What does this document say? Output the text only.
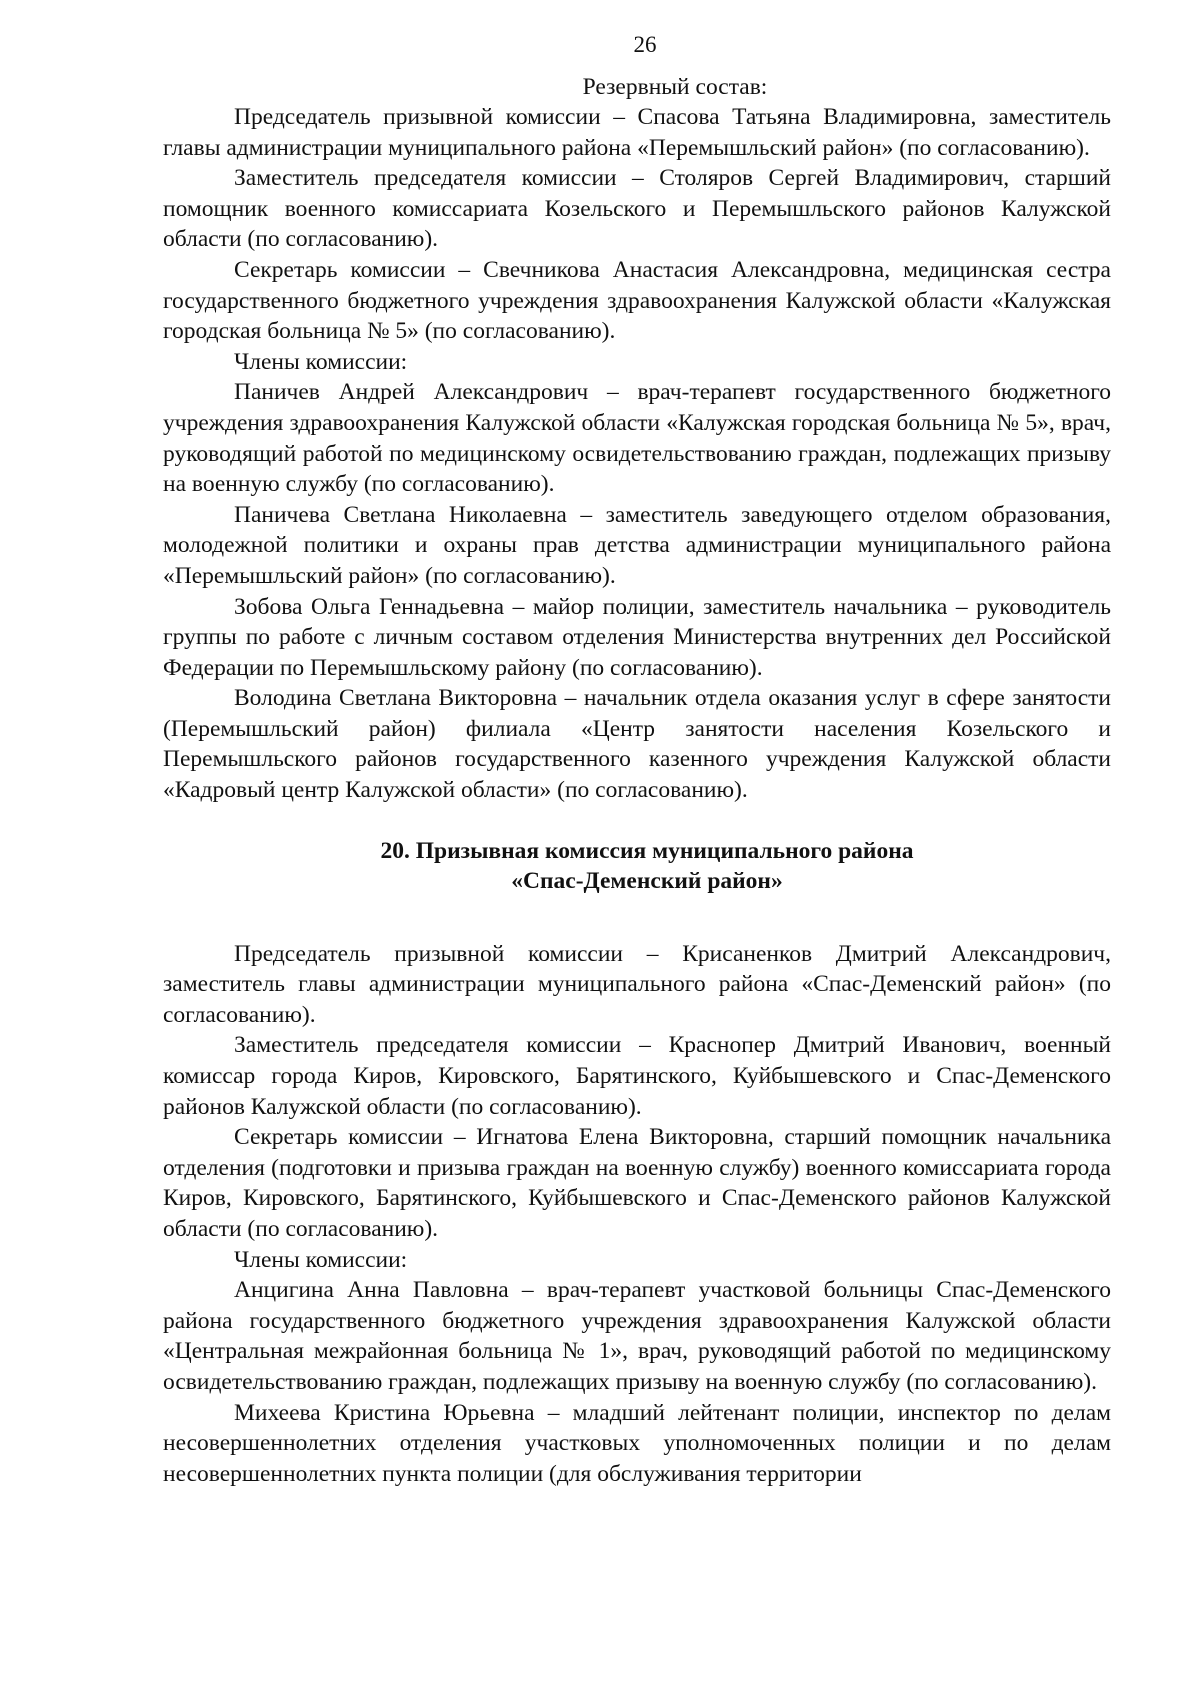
26
Резервный состав:

Председатель призывной комиссии – Спасова Татьяна Владимировна, заместитель главы администрации муниципального района «Перемышльский район» (по согласованию).

Заместитель председателя комиссии – Столяров Сергей Владимирович, старший помощник военного комиссариата Козельского и Перемышльского районов Калужской области (по согласованию).

Секретарь комиссии – Свечникова Анастасия Александровна, медицинская сестра государственного бюджетного учреждения здравоохранения Калужской области «Калужская городская больница № 5» (по согласованию).

Члены комиссии:

Паничев Андрей Александрович – врач-терапевт государственного бюджетного учреждения здравоохранения Калужской области «Калужская городская больница № 5», врач, руководящий работой по медицинскому освидетельствованию граждан, подлежащих призыву на военную службу (по согласованию).

Паничева Светлана Николаевна – заместитель заведующего отделом образования, молодежной политики и охраны прав детства администрации муниципального района «Перемышльский район» (по согласованию).

Зобова Ольга Геннадьевна – майор полиции, заместитель начальника – руководитель группы по работе с личным составом отделения Министерства внутренних дел Российской Федерации по Перемышльскому району (по согласованию).

Володина Светлана Викторовна – начальник отдела оказания услуг в сфере занятости (Перемышльский район) филиала «Центр занятости населения Козельского и Перемышльского районов государственного казенного учреждения Калужской области «Кадровый центр Калужской области» (по согласованию).

20. Призывная комиссия муниципального района
«Спас-Деменский район»

Председатель призывной комиссии – Крисаненков Дмитрий Александрович, заместитель главы администрации муниципального района «Спас-Деменский район» (по согласованию).

Заместитель председателя комиссии – Краснопер Дмитрий Иванович, военный комиссар города Киров, Кировского, Барятинского, Куйбышевского и Спас-Деменского районов Калужской области (по согласованию).

Секретарь комиссии – Игнатова Елена Викторовна, старший помощник начальника отделения (подготовки и призыва граждан на военную службу) военного комиссариата города Киров, Кировского, Барятинского, Куйбышевского и Спас-Деменского районов Калужской области (по согласованию).

Члены комиссии:

Анцигина Анна Павловна – врач-терапевт участковой больницы Спас-Деменского района государственного бюджетного учреждения здравоохранения Калужской области «Центральная межрайонная больница № 1», врач, руководящий работой по медицинскому освидетельствованию граждан, подлежащих призыву на военную службу (по согласованию).

Михеева Кристина Юрьевна – младший лейтенант полиции, инспектор по делам несовершеннолетних отделения участковых уполномоченных полиции и по делам несовершеннолетних пункта полиции (для обслуживания территории
